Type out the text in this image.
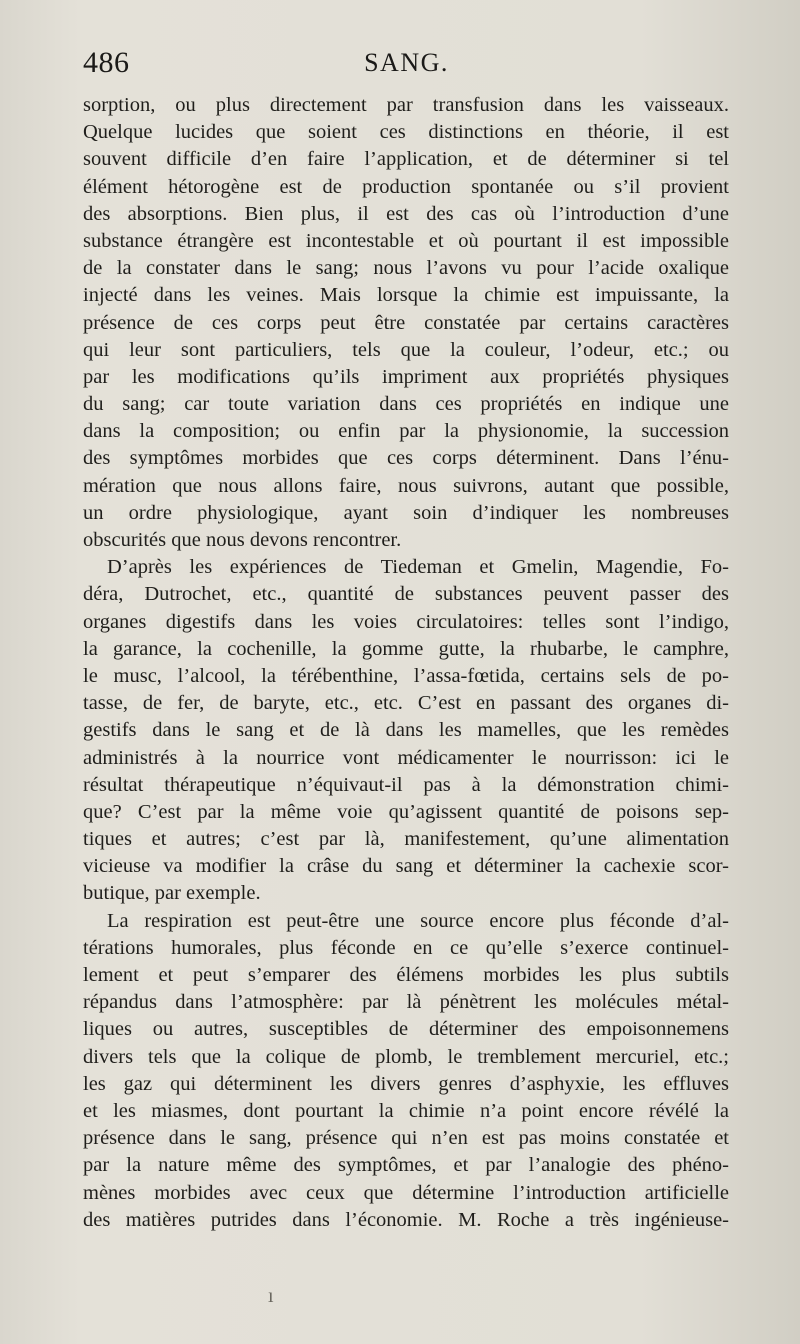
486	SANG.
sorption, ou plus directement par transfusion dans les vaisseaux.
Quelque lucides que soient ces distinctions en théorie, il est
souvent difficile d’en faire l’application, et de déterminer si tel
élément hétorogène est de production spontanée ou s’il provient
des absorptions. Bien plus, il est des cas où l’introduction d’une
substance étrangère est incontestable et où pourtant il est impossible
de la constater dans le sang; nous l’avons vu pour l’acide oxalique
injecté dans les veines. Mais lorsque la chimie est impuissante, la
présence de ces corps peut être constatée par certains caractères
qui leur sont particuliers, tels que la couleur, l’odeur, etc.; ou
par les modifications qu’ils impriment aux propriétés physiques
du sang; car toute variation dans ces propriétés en indique une
dans la composition; ou enfin par la physionomie, la succession
des symptômes morbides que ces corps déterminent. Dans l’énu-
mération que nous allons faire, nous suivrons, autant que possible,
un ordre physiologique, ayant soin d’indiquer les nombreuses
obscurités que nous devons rencontrer.
D’après les expériences de Tiedeman et Gmelin, Magendie, Fo-
déra, Dutrochet, etc., quantité de substances peuvent passer des
organes digestifs dans les voies circulatoires: telles sont l’indigo,
la garance, la cochenille, la gomme gutte, la rhubarbe, le camphre,
le musc, l’alcool, la térébenthine, l’assa-fœtida, certains sels de po-
tasse, de fer, de baryte, etc., etc. C’est en passant des organes di-
gestifs dans le sang et de là dans les mamelles, que les remèdes
administrés à la nourrice vont médicamenter le nourrisson: ici le
résultat thérapeutique n’équivaut-il pas à la démonstration chimi-
que? C’est par la même voie qu’agissent quantité de poisons sep-
tiques et autres; c’est par là, manifestement, qu’une alimentation
vicieuse va modifier la crâse du sang et déterminer la cachexie scor-
butique, par exemple.
La respiration est peut-être une source encore plus féconde d’al-
térations humorales, plus féconde en ce qu’elle s’exerce continuel-
lement et peut s’emparer des élémens morbides les plus subtils
répandus dans l’atmosphère: par là pénètrent les molécules métal-
liques ou autres, susceptibles de déterminer des empoisonnemens
divers tels que la colique de plomb, le tremblement mercuriel, etc.;
les gaz qui déterminent les divers genres d’asphyxie, les effluves
et les miasmes, dont pourtant la chimie n’a point encore révélé la
présence dans le sang, présence qui n’en est pas moins constatée et
par la nature même des symptômes, et par l’analogie des phéno-
mènes morbides avec ceux que détermine l’introduction artificielle
des matières putrides dans l’économie. M. Roche a très ingénieuse-
ı
